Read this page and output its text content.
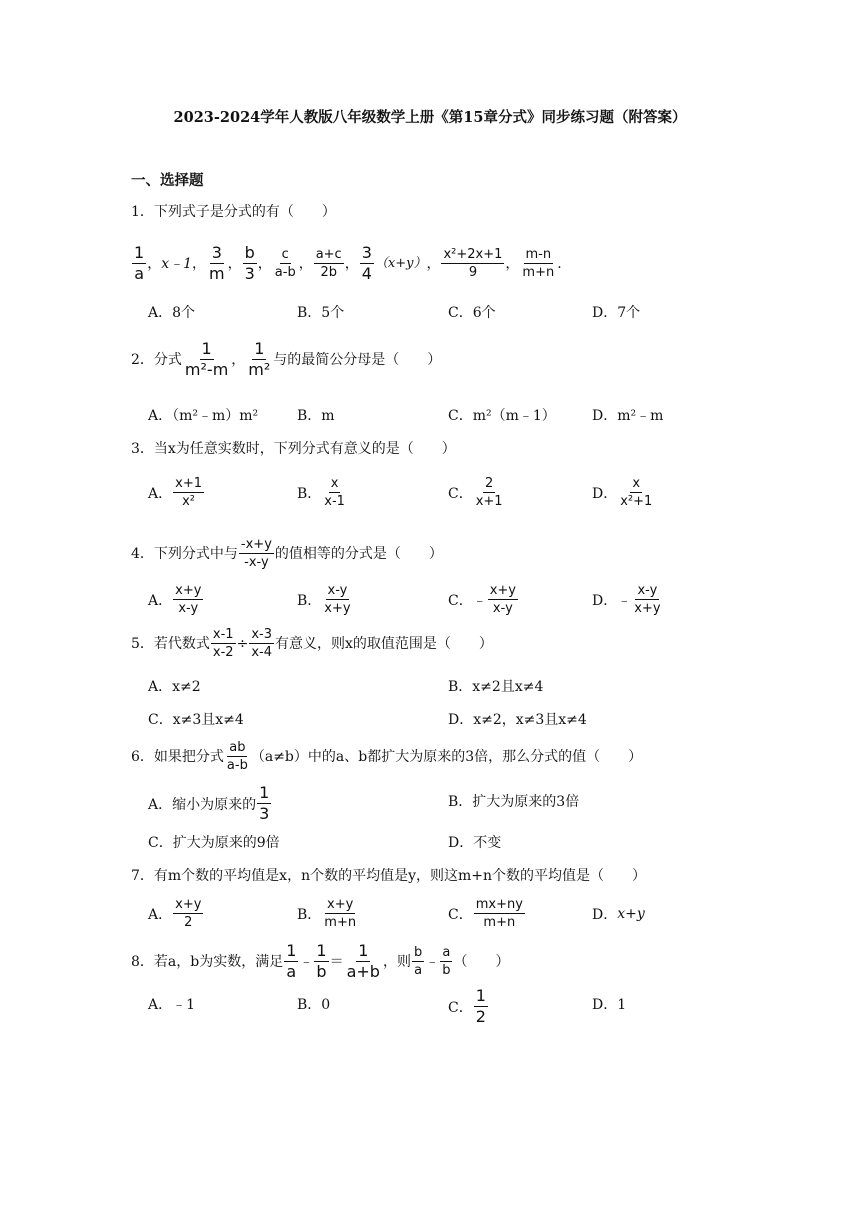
2023-2024学年人教版八年级数学上册《第15章分式》同步练习题（附答案）
一、选择题
1．下列式子是分式的有（　　）
$\frac{1}{a}$ ， x﹣1 ， $\frac{3}{m}$ ， $\frac{b}{3}$ ， $\frac{c}{a-b}$ ， $\frac{a+c}{2b}$ ， $\frac{3}{4} (x+y)$ ， $\frac{\text{x²+2x+1}}{9}$ ， $\frac{m-n}{m+n}$ .
A．8个	B．5个	C．6个	D．7个
2．分式 $\frac{1}{\text{m²-m}}$ ， $\frac{1}{\text{m²}}$ 与的最简公分母是（　　）
A．（m²﹣m）m²	B．m	C．m²（m﹣1）	D．m²﹣m
3．当x为任意实数时，下列分式有意义的是（　　）
A． $\frac{x+1}{\text{x²}}$	B． $\frac{x}{x-1}$	C． $\frac{2}{x+1}$	D． $\frac{x}{\text{x²+1}}$
4．下列分式中与 $\frac{-x+y}{-x-y}$ 的值相等的分式是（　　）
A． $\frac{x+y}{x-y}$	B． $\frac{x-y}{x+y}$	C．﹣ $\frac{x+y}{x-y}$	D．﹣ $\frac{x-y}{x+y}$
5．若代数式 $\frac{x-1}{x-2} \div \frac{x-3}{x-4}$ 有意义，则x的取值范围是（　　）
A．x≠2	B．x≠2且x≠4
C．x≠3且x≠4	D．x≠2，x≠3且x≠4
6．如果把分式 $\frac{ab}{a-b} (a\ne b)$中的a、b都扩大为原来的3倍，那么分式的值（　　）
A．缩小为原来的 $\frac{1}{3}$	B．扩大为原来的3倍
C．扩大为原来的9倍	D．不变
7．有m个数的平均值是x，n个数的平均值是y，则这m+n个数的平均值是（　　）
A． $\frac{x+y}{2}$	B． $\frac{x+y}{m+n}$	C． $\frac{mx+ny}{m+n}$	D． x+y
8．若a，b为实数，满足 $\frac{1}{a}$ ﹣ $\frac{1}{b} = \frac{1}{a+b}$ ，则 $\frac{b}{a}$ ﹣ $\frac{a}{b}$ （　　）
A．﹣1	B．0	C． $\frac{1}{2}$	D．1
